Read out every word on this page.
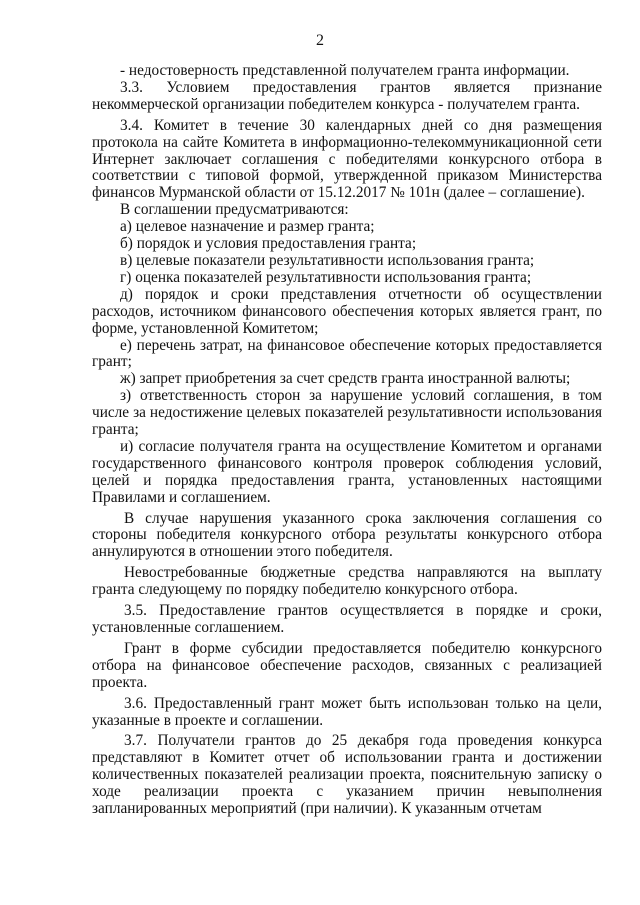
2

- недостоверность представленной получателем гранта информации.

3.3. Условием предоставления грантов является признание некоммерческой организации победителем конкурса - получателем гранта.

3.4. Комитет в течение 30 календарных дней со дня размещения протокола на сайте Комитета в информационно-телекоммуникационной сети Интернет заключает соглашения с победителями конкурсного отбора в соответствии с типовой формой, утвержденной приказом Министерства финансов Мурманской области от 15.12.2017 № 101н (далее – соглашение).

В соглашении предусматриваются:

а) целевое назначение и размер гранта;

б) порядок и условия предоставления гранта;

в) целевые показатели результативности использования гранта;

г) оценка показателей результативности использования гранта;

д) порядок и сроки представления отчетности об осуществлении расходов, источником финансового обеспечения которых является грант, по форме, установленной Комитетом;

е) перечень затрат, на финансовое обеспечение которых предоставляется грант;

ж) запрет приобретения за счет средств гранта иностранной валюты;

з) ответственность сторон за нарушение условий соглашения, в том числе за недостижение целевых показателей результативности использования гранта;

и) согласие получателя гранта на осуществление Комитетом и органами государственного финансового контроля проверок соблюдения условий, целей и порядка предоставления гранта, установленных настоящими Правилами и соглашением.

В случае нарушения указанного срока заключения соглашения со стороны победителя конкурсного отбора результаты конкурсного отбора аннулируются в отношении этого победителя.

Невостребованные бюджетные средства направляются на выплату гранта следующему по порядку победителю конкурсного отбора.

3.5. Предоставление грантов осуществляется в порядке и сроки, установленные соглашением.

Грант в форме субсидии предоставляется победителю конкурсного отбора на финансовое обеспечение расходов, связанных с реализацией проекта.

3.6. Предоставленный грант может быть использован только на цели, указанные в проекте и соглашении.

3.7. Получатели грантов до 25 декабря года проведения конкурса представляют в Комитет отчет об использовании гранта и достижении количественных показателей реализации проекта, пояснительную записку о ходе реализации проекта с указанием причин невыполнения запланированных мероприятий (при наличии). К указанным отчетам
